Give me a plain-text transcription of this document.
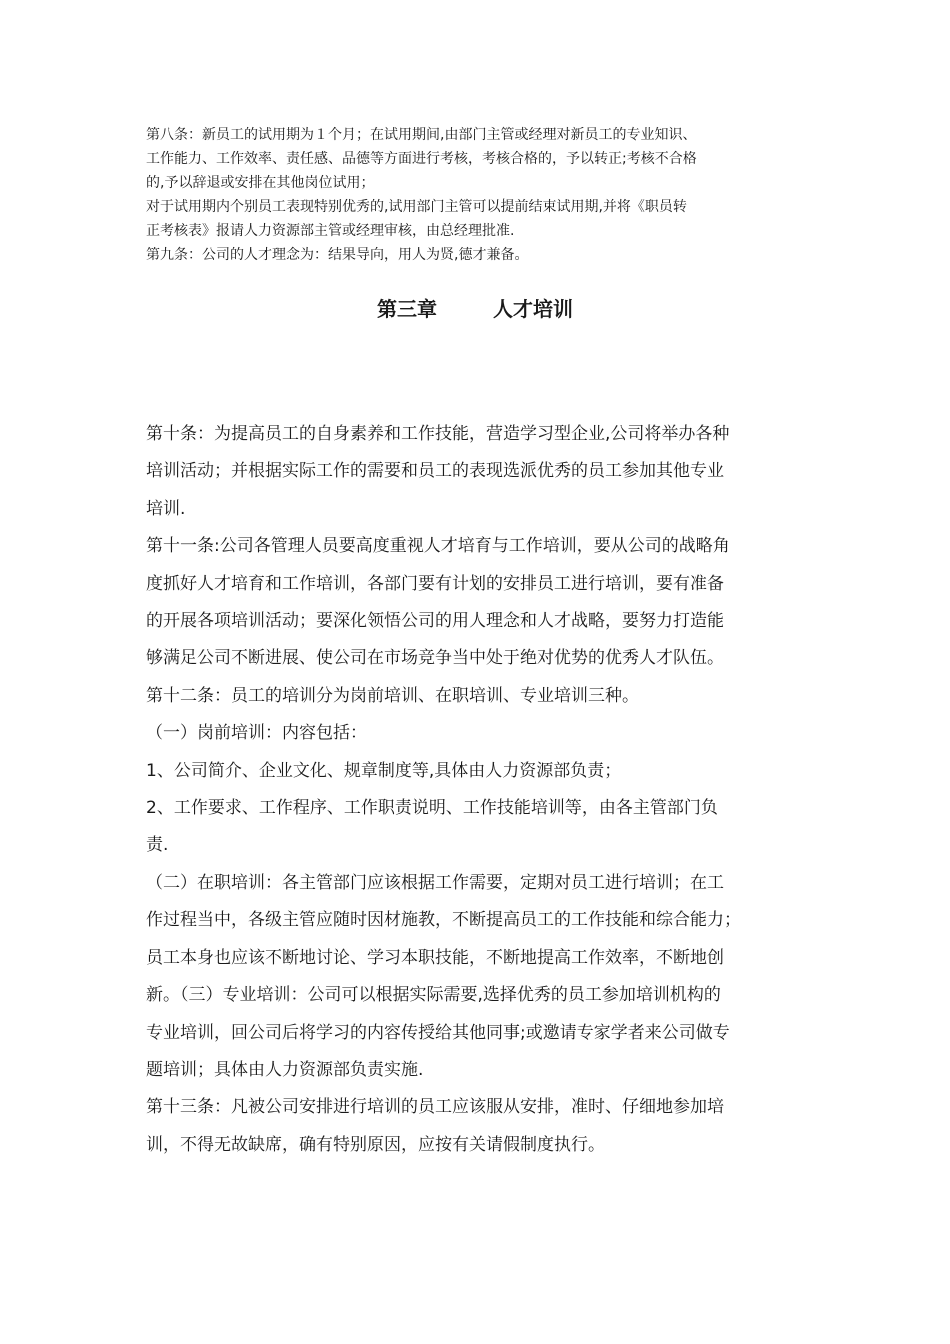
第八条：新员工的试用期为１个月；在试用期间,由部门主管或经理对新员工的专业知识、
工作能力、工作效率、责任感、品德等方面进行考核，考核合格的，予以转正;考核不合格
的,予以辞退或安排在其他岗位试用；

对于试用期内个别员工表现特别优秀的,试用部门主管可以提前结束试用期,并将《职员转
正考核表》报请人力资源部主管或经理审核，由总经理批准.

第九条：公司的人才理念为：结果导向，用人为贤,德才兼备。

第三章	人才培训

第十条：为提高员工的自身素养和工作技能，营造学习型企业,公司将举办各种
培训活动；并根据实际工作的需要和员工的表现选派优秀的员工参加其他专业
培训.

第十一条:公司各管理人员要高度重视人才培育与工作培训，要从公司的战略角
度抓好人才培育和工作培训，各部门要有计划的安排员工进行培训，要有准备
的开展各项培训活动；要深化领悟公司的用人理念和人才战略，要努力打造能
够满足公司不断进展、使公司在市场竞争当中处于绝对优势的优秀人才队伍。

第十二条：员工的培训分为岗前培训、在职培训、专业培训三种。

（一）岗前培训：内容包括：

1、公司简介、企业文化、规章制度等,具体由人力资源部负责；

2、工作要求、工作程序、工作职责说明、工作技能培训等，由各主管部门负
责.

（二）在职培训：各主管部门应该根据工作需要，定期对员工进行培训；在工
作过程当中，各级主管应随时因材施教，不断提高员工的工作技能和综合能力；
员工本身也应该不断地讨论、学习本职技能，不断地提高工作效率，不断地创
新。（三）专业培训：公司可以根据实际需要,选择优秀的员工参加培训机构的
专业培训，回公司后将学习的内容传授给其他同事;或邀请专家学者来公司做专
题培训；具体由人力资源部负责实施.

第十三条：凡被公司安排进行培训的员工应该服从安排，准时、仔细地参加培
训，不得无故缺席，确有特别原因，应按有关请假制度执行。
